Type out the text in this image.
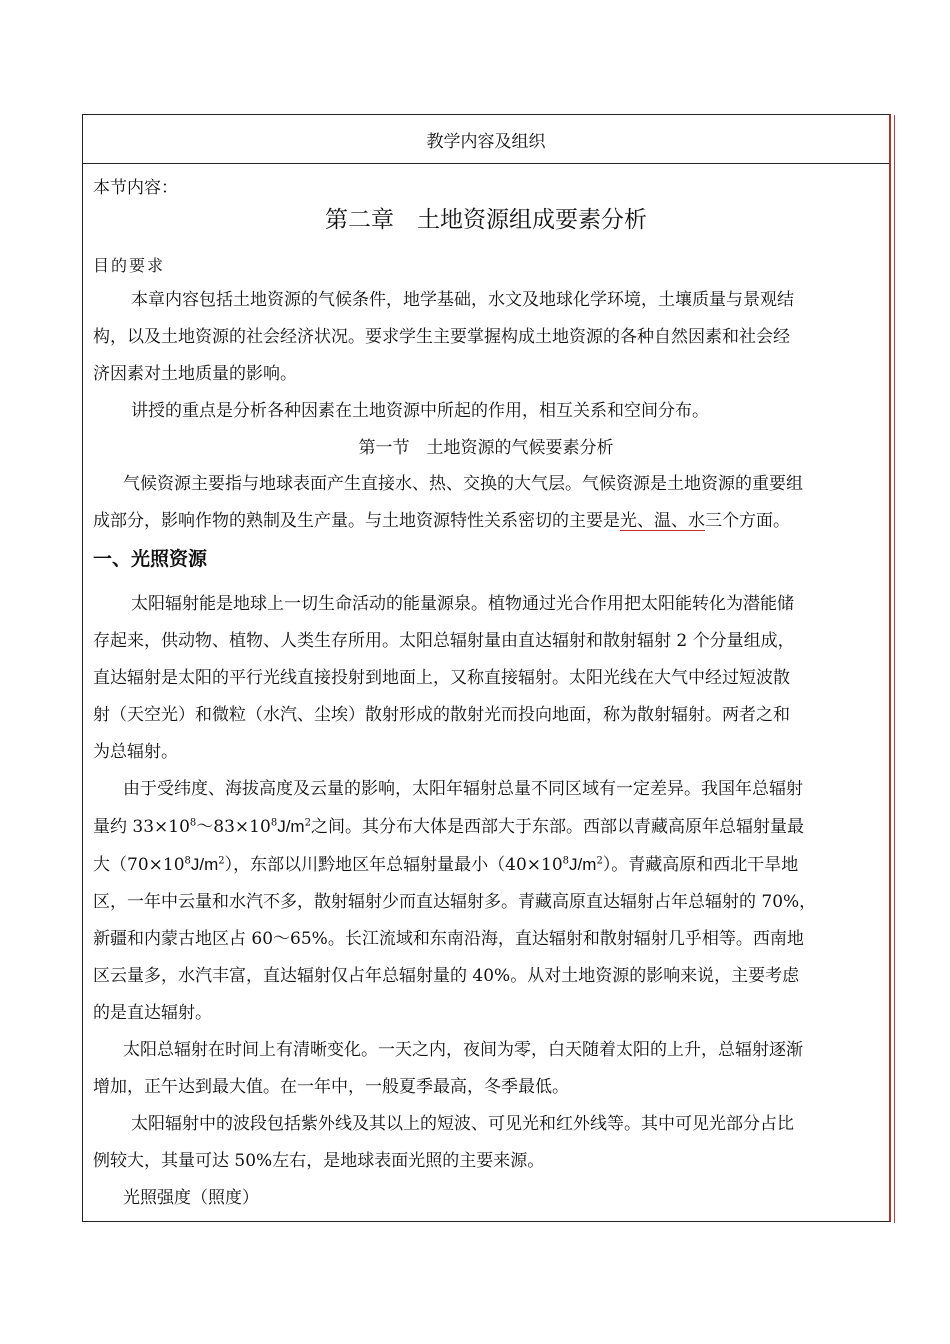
教学内容及组织
本节内容：
第二章　土地资源组成要素分析
目的要求
本章内容包括土地资源的气候条件，地学基础，水文及地球化学环境，土壤质量与景观结
构，以及土地资源的社会经济状况。要求学生主要掌握构成土地资源的各种自然因素和社会经
济因素对土地质量的影响。
讲授的重点是分析各种因素在土地资源中所起的作用，相互关系和空间分布。
第一节　土地资源的气候要素分析
气候资源主要指与地球表面产生直接水、热、交换的大气层。气候资源是土地资源的重要组
成部分，影响作物的熟制及生产量。与土地资源特性关系密切的主要是光、温、水三个方面。
一、光照资源
太阳辐射能是地球上一切生命活动的能量源泉。植物通过光合作用把太阳能转化为潜能储
存起来，供动物、植物、人类生存所用。太阳总辐射量由直达辐射和散射辐射 2 个分量组成，
直达辐射是太阳的平行光线直接投射到地面上，又称直接辐射。太阳光线在大气中经过短波散
射（天空光）和微粒（水汽、尘埃）散射形成的散射光而投向地面，称为散射辐射。两者之和
为总辐射。
由于受纬度、海拔高度及云量的影响，太阳年辐射总量不同区域有一定差异。我国年总辐射
量约 $33\times 10^8\sim 83\times 10^8J/m^2$之间。其分布大体是西部大于东部。西部以青藏高原年总辐射量最
大$(70\times 10^8J/m^2)$，东部以川黔地区年总辐射量最小$(40\times 10^8J/m^2)$。青藏高原和西北干旱地
区，一年中云量和水汽不多，散射辐射少而直达辐射多。青藏高原直达辐射占年总辐射的 70%，
新疆和内蒙古地区占 60～65%。长江流域和东南沿海，直达辐射和散射辐射几乎相等。西南地
区云量多，水汽丰富，直达辐射仅占年总辐射量的 40%。从对土地资源的影响来说，主要考虑
的是直达辐射。
太阳总辐射在时间上有清晰变化。一天之内，夜间为零，白天随着太阳的上升，总辐射逐渐
增加，正午达到最大值。在一年中，一般夏季最高，冬季最低。
太阳辐射中的波段包括紫外线及其以上的短波、可见光和红外线等。其中可见光部分占比
例较大，其量可达 50%左右，是地球表面光照的主要来源。
光照强度（照度）
